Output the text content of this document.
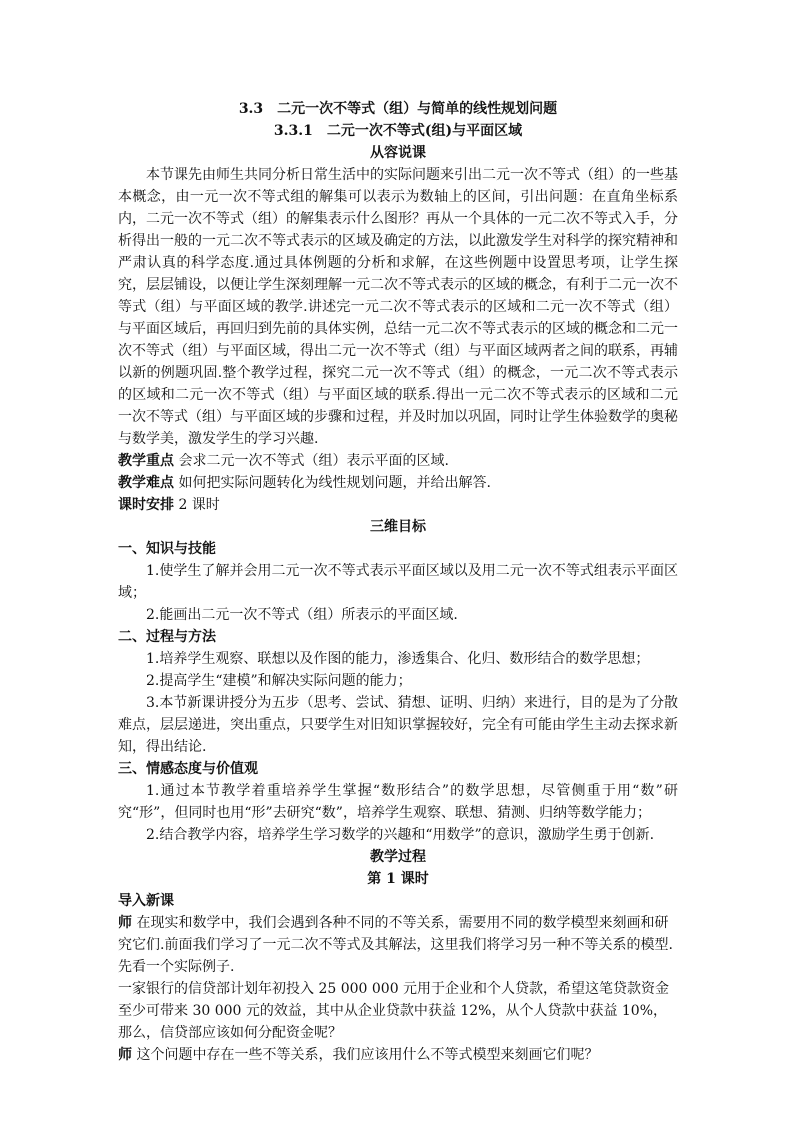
3.3　二元一次不等式（组）与简单的线性规划问题
3.3.1　二元一次不等式(组)与平面区域
从容说课

本节课先由师生共同分析日常生活中的实际问题来引出二元一次不等式（组）的一些基本概念，由一元一次不等式组的解集可以表示为数轴上的区间，引出问题：在直角坐标系内，二元一次不等式（组）的解集表示什么图形？再从一个具体的一元二次不等式入手，分析得出一般的一元二次不等式表示的区域及确定的方法，以此激发学生对科学的探究精神和严肃认真的科学态度.通过具体例题的分析和求解，在这些例题中设置思考项，让学生探究，层层铺设，以便让学生深刻理解一元二次不等式表示的区域的概念，有利于二元一次不等式（组）与平面区域的教学.讲述完一元二次不等式表示的区域和二元一次不等式（组）与平面区域后，再回归到先前的具体实例，总结一元二次不等式表示的区域的概念和二元一次不等式（组）与平面区域，得出二元一次不等式（组）与平面区域两者之间的联系，再辅以新的例题巩固.整个教学过程，探究二元一次不等式（组）的概念，一元二次不等式表示的区域和二元一次不等式（组）与平面区域的联系.得出一元二次不等式表示的区域和二元一次不等式（组）与平面区域的步骤和过程，并及时加以巩固，同时让学生体验数学的奥秘与数学美，激发学生的学习兴趣.

教学重点 会求二元一次不等式（组）表示平面的区域.

教学难点 如何把实际问题转化为线性规划问题，并给出解答.

课时安排 2 课时

三维目标

一、知识与技能

1.使学生了解并会用二元一次不等式表示平面区域以及用二元一次不等式组表示平面区域；

2.能画出二元一次不等式（组）所表示的平面区域.

二、过程与方法

1.培养学生观察、联想以及作图的能力，渗透集合、化归、数形结合的数学思想；

2.提高学生“建模”和解决实际问题的能力；

3.本节新课讲授分为五步（思考、尝试、猜想、证明、归纳）来进行，目的是为了分散难点，层层递进，突出重点，只要学生对旧知识掌握较好，完全有可能由学生主动去探求新知，得出结论.

三、情感态度与价值观

1.通过本节教学着重培养学生掌握“数形结合”的数学思想，尽管侧重于用“数”研究“形”，但同时也用“形”去研究“数”，培养学生观察、联想、猜测、归纳等数学能力；

2.结合教学内容，培养学生学习数学的兴趣和“用数学”的意识，激励学生勇于创新.

教学过程
第 1 课时

导入新课

师 在现实和数学中，我们会遇到各种不同的不等关系，需要用不同的数学模型来刻画和研究它们.前面我们学习了一元二次不等式及其解法，这里我们将学习另一种不等关系的模型.先看一个实际例子.

一家银行的信贷部计划年初投入 25 000 000 元用于企业和个人贷款，希望这笔贷款资金至少可带来 30 000 元的效益，其中从企业贷款中获益 12%，从个人贷款中获益 10%，那么，信贷部应该如何分配资金呢？

师 这个问题中存在一些不等关系，我们应该用什么不等式模型来刻画它们呢？
